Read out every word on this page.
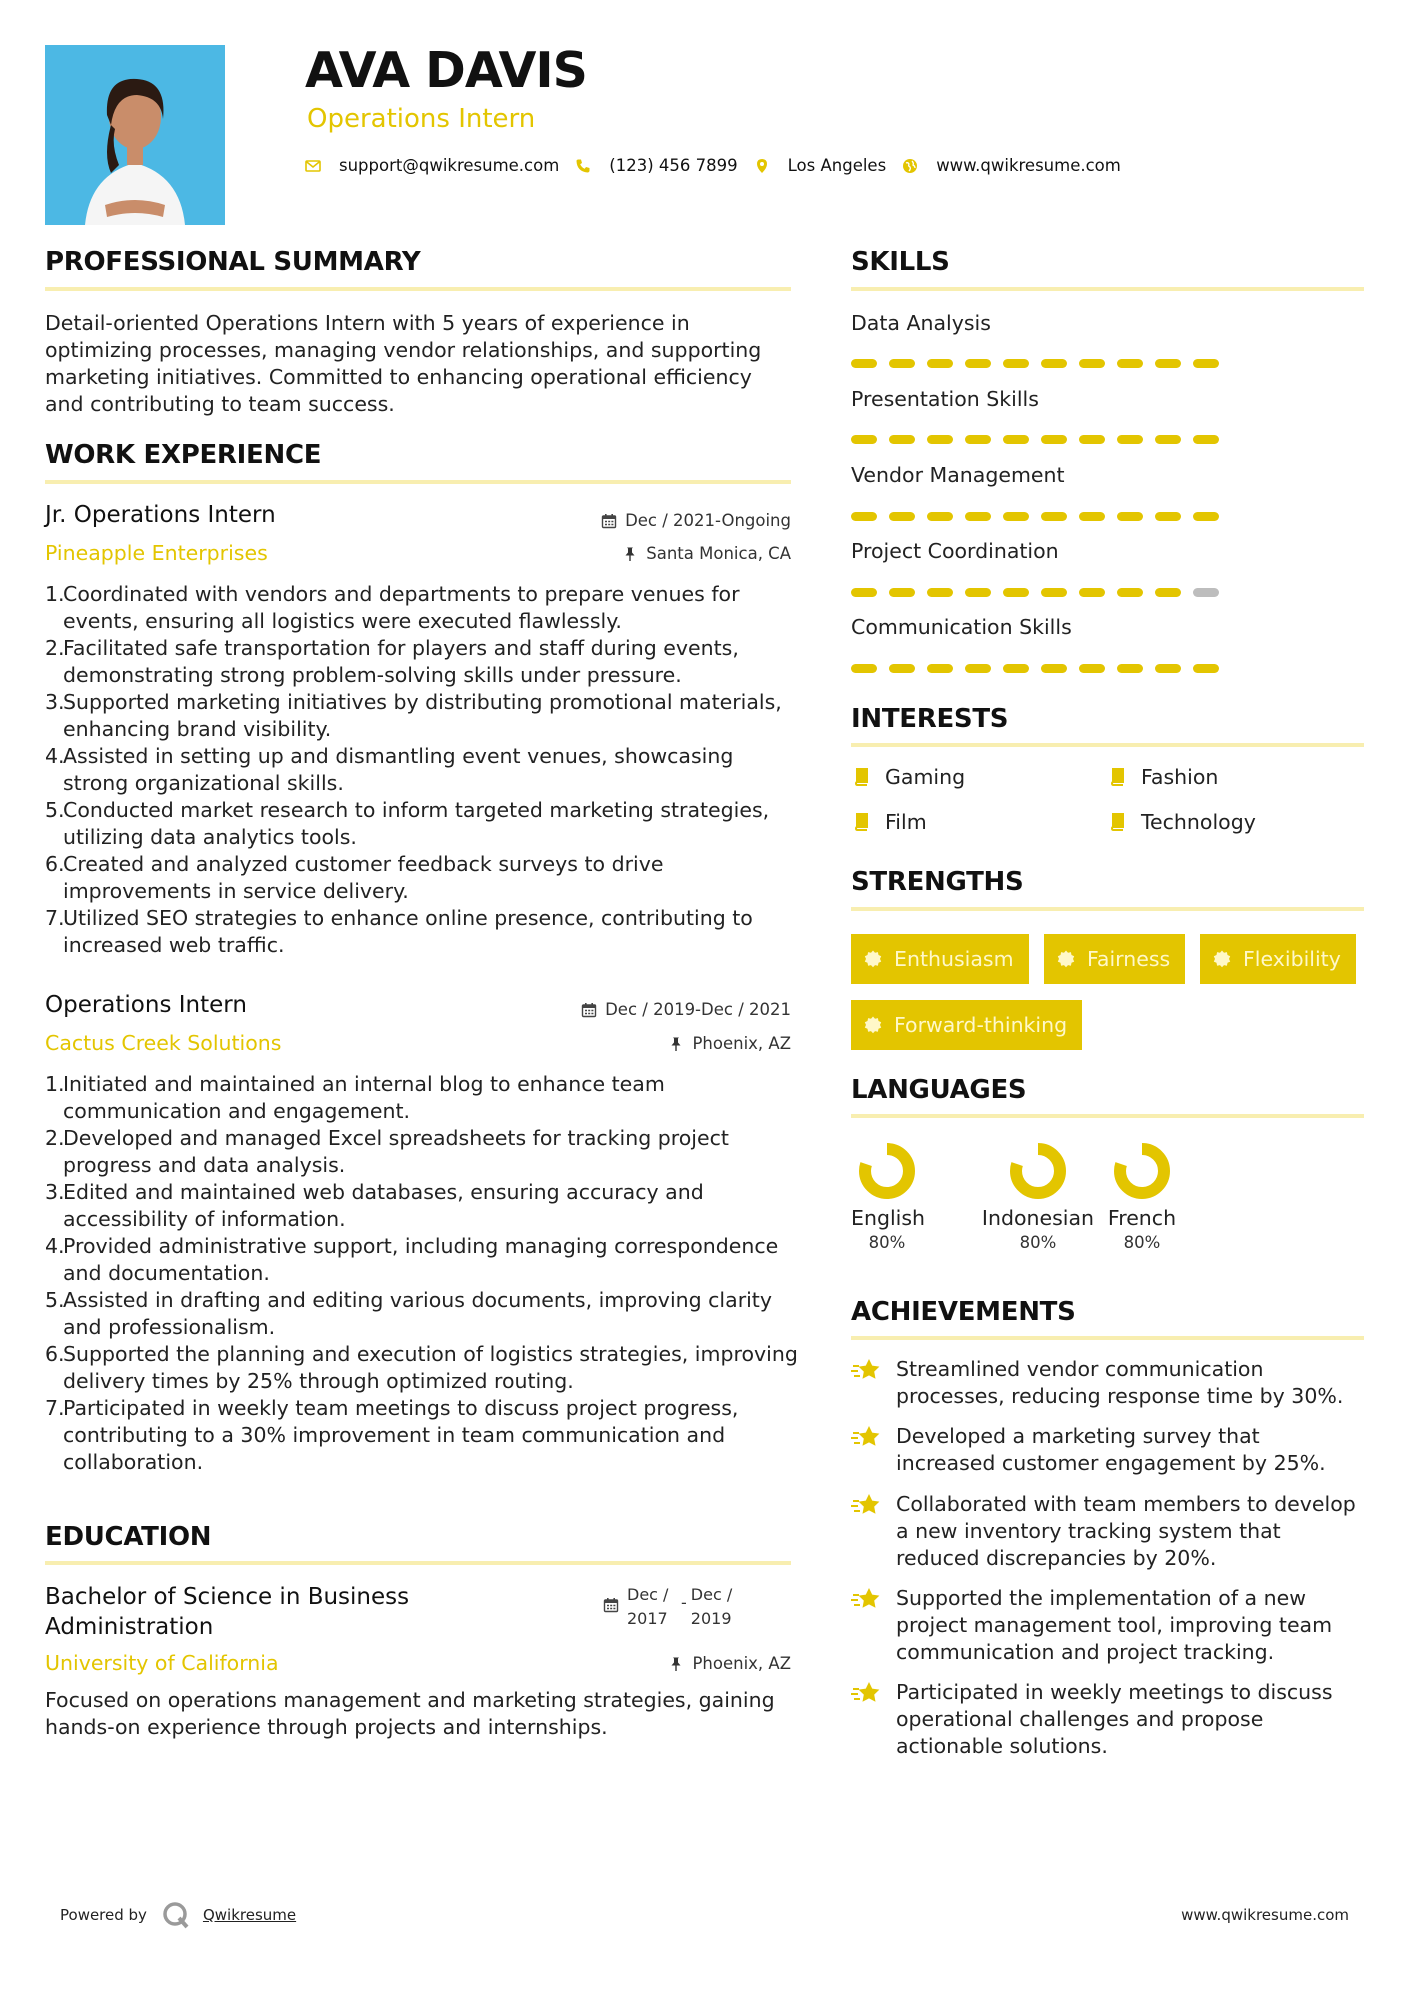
AVA DAVIS
Operations Intern
support@qwikresume.com	(123) 456 7899	Los Angeles	www.qwikresume.com
PROFESSIONAL SUMMARY
Detail-oriented Operations Intern with 5 years of experience in optimizing processes, managing vendor relationships, and supporting marketing initiatives. Committed to enhancing operational efficiency and contributing to team success.
WORK EXPERIENCE
Jr. Operations Intern	Dec / 2021-Ongoing
Pineapple Enterprises	Santa Monica, CA
Coordinated with vendors and departments to prepare venues for events, ensuring all logistics were executed flawlessly.
Facilitated safe transportation for players and staff during events, demonstrating strong problem-solving skills under pressure.
Supported marketing initiatives by distributing promotional materials, enhancing brand visibility.
Assisted in setting up and dismantling event venues, showcasing strong organizational skills.
Conducted market research to inform targeted marketing strategies, utilizing data analytics tools.
Created and analyzed customer feedback surveys to drive improvements in service delivery.
Utilized SEO strategies to enhance online presence, contributing to increased web traffic.
Operations Intern	Dec / 2019-Dec / 2021
Cactus Creek Solutions	Phoenix, AZ
Initiated and maintained an internal blog to enhance team communication and engagement.
Developed and managed Excel spreadsheets for tracking project progress and data analysis.
Edited and maintained web databases, ensuring accuracy and accessibility of information.
Provided administrative support, including managing correspondence and documentation.
Assisted in drafting and editing various documents, improving clarity and professionalism.
Supported the planning and execution of logistics strategies, improving delivery times by 25% through optimized routing.
Participated in weekly team meetings to discuss project progress, contributing to a 30% improvement in team communication and collaboration.
EDUCATION
Bachelor of Science in Business Administration
Dec /
2017
- Dec /
2019
University of California	Phoenix, AZ
Focused on operations management and marketing strategies, gaining hands-on experience through projects and internships.
SKILLS
Data Analysis
Presentation Skills
Vendor Management
Project Coordination
Communication Skills
INTERESTS
Gaming	Fashion
Film	Technology
STRENGTHS
Enthusiasm	Fairness	Flexibility
Forward-thinking
LANGUAGES
English
80%
Indonesian
80%
French
80%
ACHIEVEMENTS
Streamlined vendor communication processes, reducing response time by 30%.
Developed a marketing survey that increased customer engagement by 25%.
Collaborated with team members to develop a new inventory tracking system that reduced discrepancies by 20%.
Supported the implementation of a new project management tool, improving team communication and project tracking.
Participated in weekly meetings to discuss operational challenges and propose actionable solutions.
Powered by	Qwikresume	www.qwikresume.com
